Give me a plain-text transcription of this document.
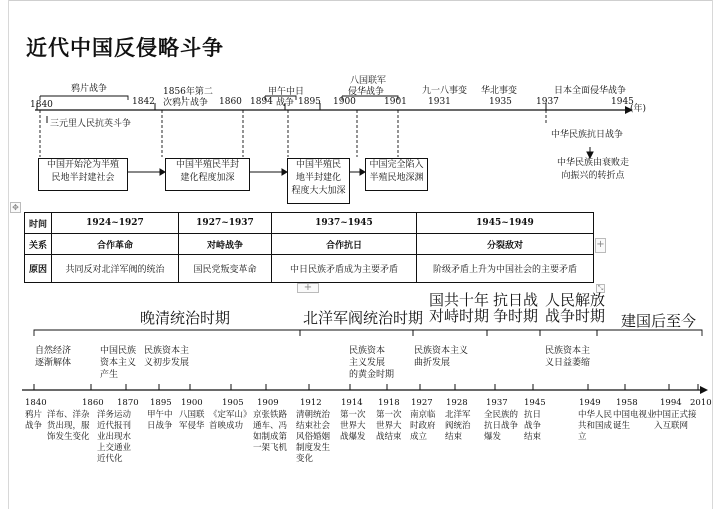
近代中国反侵略斗争
1840	1842
1856年第二
1860 1894	1895 1900	1901 1931	1935	1937	1945
(年)
鸦片战争
次鸦片战争
甲午中日
战争
八国联军
侵华战争	九一八事变 华北事变	日本全面侵华战争
三元里人民抗英斗争
中华民族抗日战争
中国开始沦为半殖
民地半封建社会
中国半殖民半封
建化程度加深
中国半殖民
地半封建化
程度大大加深
中国完全陷入
半殖民地深渊
中华民族由衰败走
向振兴的转折点
✥
时间	1924~1927	1927~1937	1937~1945	1945~1949
关系	合作革命	对峙战争	合作抗日	分裂敌对
原因	共同反对北洋军阀的统治	国民党叛变革命	中日民族矛盾成为主要矛盾	阶级矛盾上升为中国社会的主要矛盾
+
+	⤡
晚清统治时期	北洋军阀统治时期
国共十年
对峙时期
抗日战
争时期
人民解放
战争时期 建国后至今
自然经济
逐渐解体
中国民族
资本主义
产生
民族资本主
义初步发展
民族资本
主义发展
的黄金时期
民族资本主义
曲折发展
民族资本主
义日益萎缩
1840	1860 1870 1895 1900 1905 1909	1912 1914 1918 1927 1928 1937 1945	1949 1958	1994 2010
鸦片战争
洋布、洋杂货出现，服饰发生变化
洋务运动近代报刊业出现水上交通业近代化
甲午中日战争
八国联军侵华
《定军山》首映成功
京张铁路通车、冯如制成第一架飞机
清朝统治结束社会风俗婚姻制度发生变化
第一次世界大战爆发
第一次世界大战结束
南京临时政府成立
北洋军阀统治结束
全民族的抗日战争爆发
抗日战争结束
中华人民共和国成立
中国电视业诞生
中国正式接入互联网
